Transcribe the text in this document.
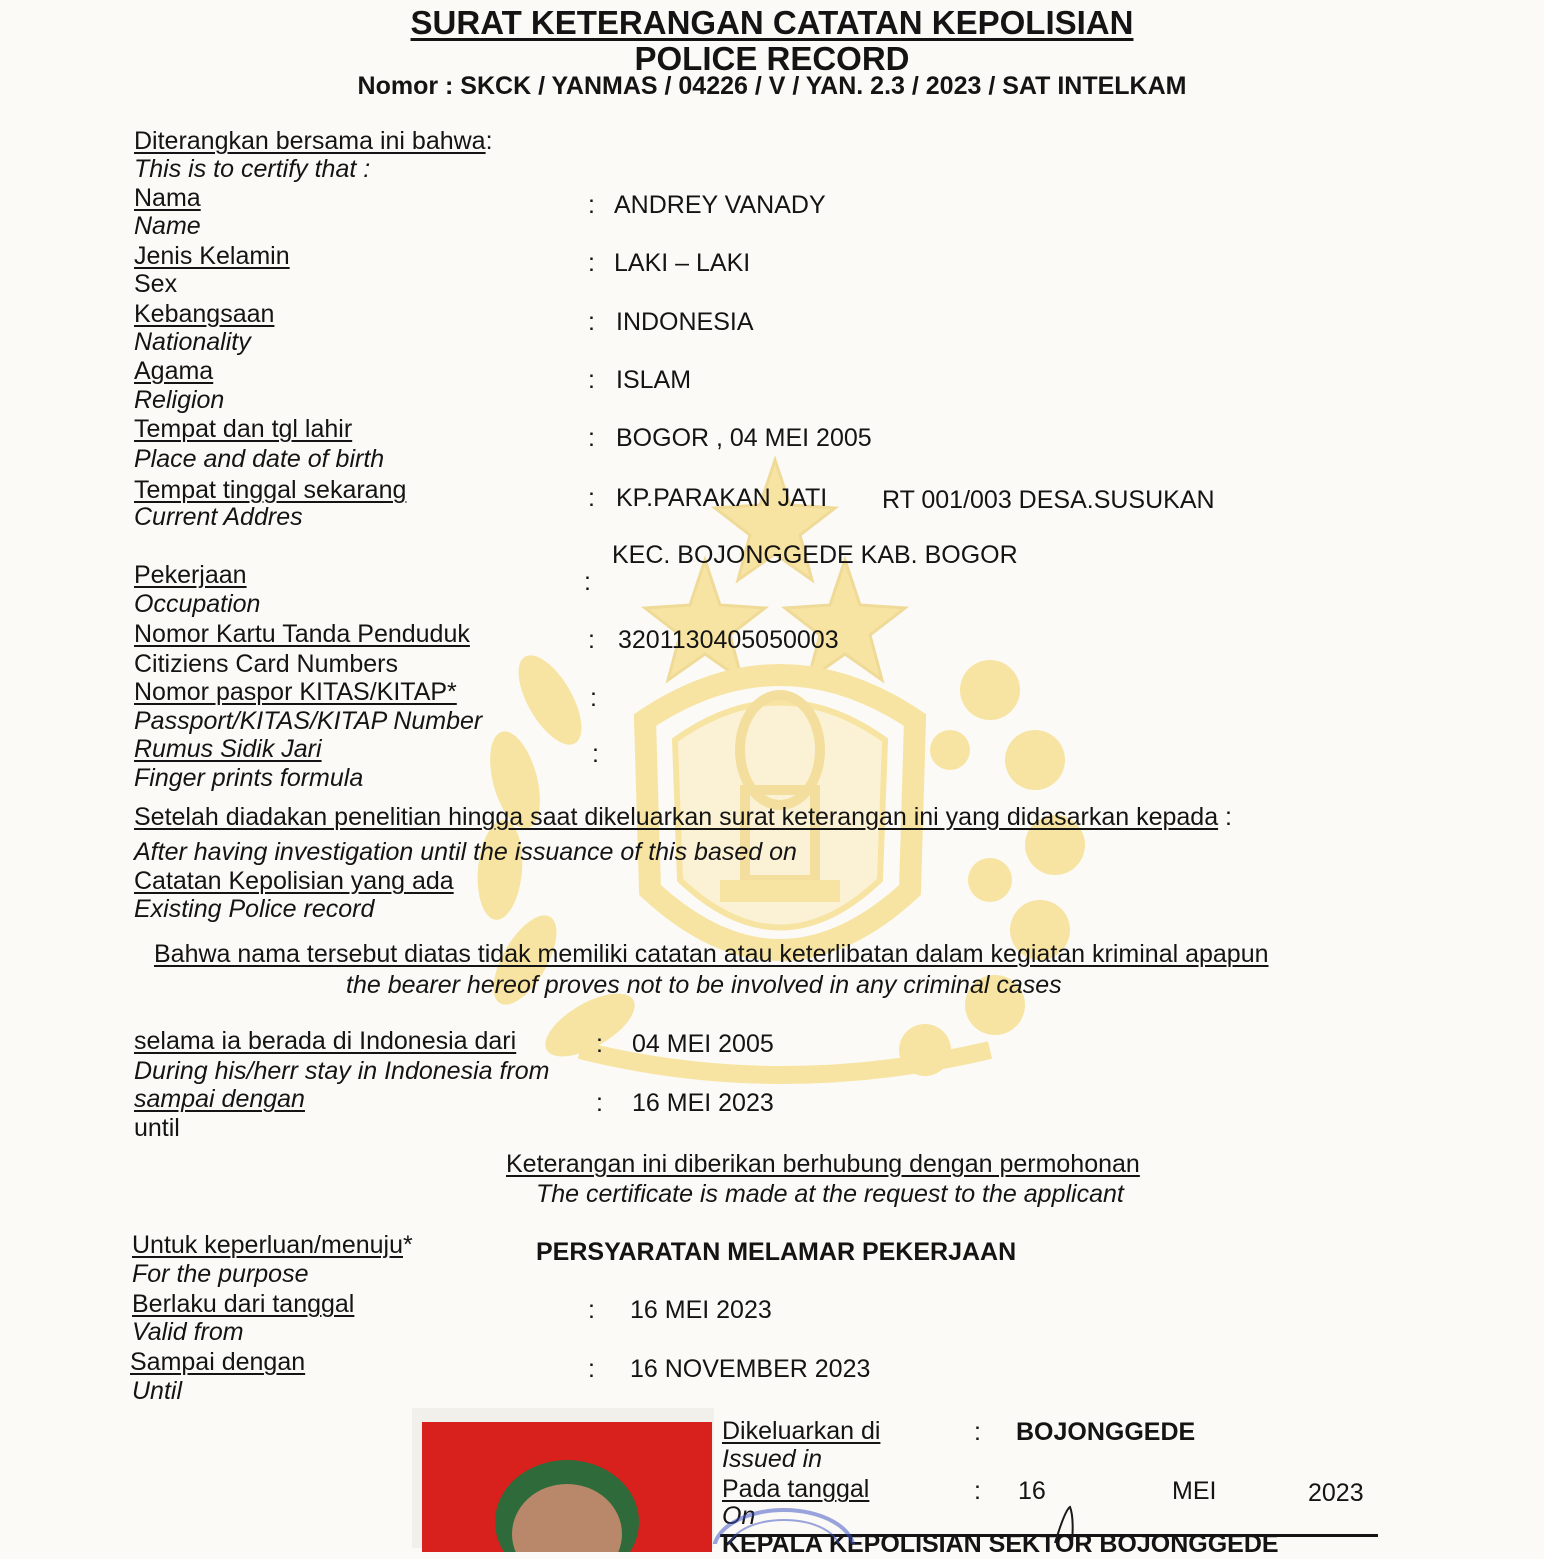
SURAT KETERANGAN CATATAN KEPOLISIAN
POLICE RECORD
Nomor : SKCK / YANMAS / 04226 / V / YAN. 2.3 / 2023 / SAT INTELKAM
Diterangkan bersama ini bahwa:
This is to certify that :
Nama
Name
: ANDREY VANADY
Jenis Kelamin
Sex
: LAKI – LAKI
Kebangsaan
Nationality
: INDONESIA
Agama
Religion
: ISLAM
Tempat dan tgl lahir
Place and date of birth
: BOGOR , 04 MEI 2005
Tempat tinggal sekarang
Current Addres
: KP.PARAKAN JATI RT 001/003 DESA.SUSUKAN
KEC. BOJONGGEDE KAB. BOGOR
Pekerjaan
Occupation
:
Nomor Kartu Tanda Penduduk
Citiziens Card Numbers
: 3201130405050003
Nomor paspor KITAS/KITAP*
Passport/KITAS/KITAP Number
:
Rumus Sidik Jari
Finger prints formula
:
Setelah diadakan penelitian hingga saat dikeluarkan surat keterangan ini yang didasarkan kepada :
After having investigation until the issuance of this based on
Catatan Kepolisian yang ada
Existing Police record
Bahwa nama tersebut diatas tidak memiliki catatan atau keterlibatan dalam kegiatan kriminal apapun
the bearer hereof proves not to be involved in any criminal cases
selama ia berada di Indonesia dari
During his/herr stay in Indonesia from
: 04 MEI 2005
sampai dengan
until
: 16 MEI 2023
Keterangan ini diberikan berhubung dengan permohonan
The certificate is made at the request to the applicant
Untuk keperluan/menuju*
For the purpose
PERSYARATAN MELAMAR PEKERJAAN
Berlaku dari tanggal
Valid from
: 16 MEI 2023
Sampai dengan
Until
: 16 NOVEMBER 2023
Dikeluarkan di
Issued in
: BOJONGGEDE
Pada tanggal
On
: 16	MEI	2023
KEPALA KEPOLISIAN SEKTOR BOJONGGEDE
